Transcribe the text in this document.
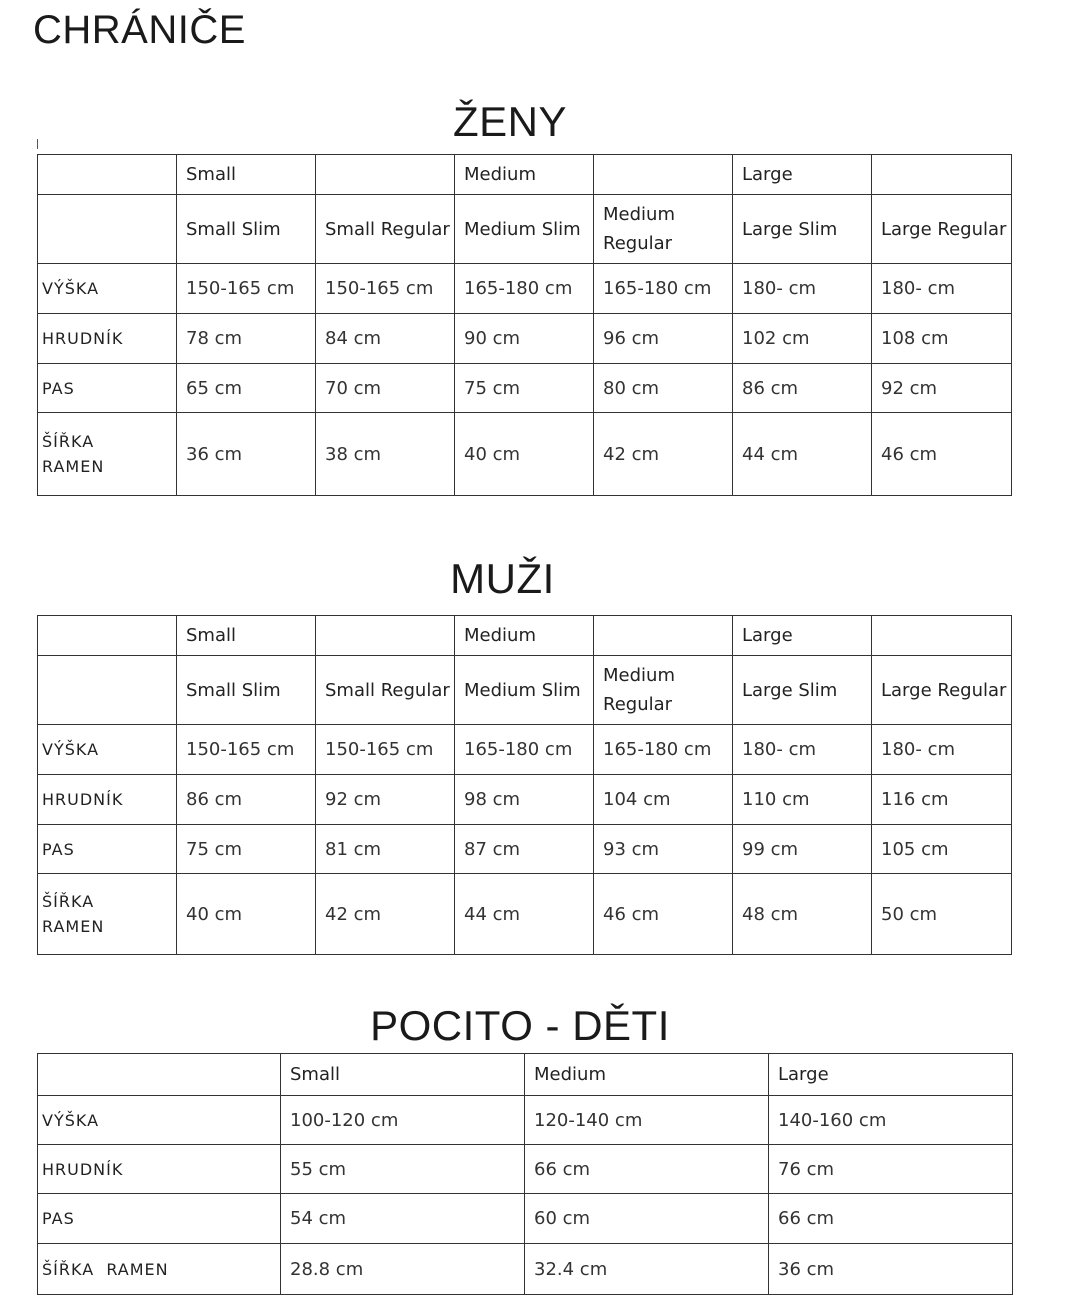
CHRÁNIČE
ŽENY
	Small		Medium		Large	
	Small Slim	Small Regular	Medium Slim	Medium Regular	Large Slim	Large Regular
VÝŠKA	150-165 cm	150-165 cm	165-180 cm	165-180 cm	180- cm	180- cm
HRUDNÍK	78 cm	84 cm	90 cm	96 cm	102 cm	108 cm
PAS	65 cm	70 cm	75 cm	80 cm	86 cm	92 cm

ŠÍŘKA
RAMEN	36 cm	38 cm	40 cm	42 cm	44 cm	46 cm
MUŽI
	Small		Medium		Large	
	Small Slim	Small Regular	Medium Slim	Medium Regular	Large Slim	Large Regular
VÝŠKA	150-165 cm	150-165 cm	165-180 cm	165-180 cm	180- cm	180- cm
HRUDNÍK	86 cm	92 cm	98 cm	104 cm	110 cm	116 cm
PAS	75 cm	81 cm	87 cm	93 cm	99 cm	105 cm

ŠÍŘKA
RAMEN	40 cm	42 cm	44 cm	46 cm	48 cm	50 cm
POCITO - DĚTI
	Small	Medium	Large
VÝŠKA	100-120 cm	120-140 cm	140-160 cm
HRUDNÍK	55 cm	66 cm	76 cm
PAS	54 cm	60 cm	66 cm
ŠÍŘKA  RAMEN	28.8 cm	32.4 cm	36 cm
